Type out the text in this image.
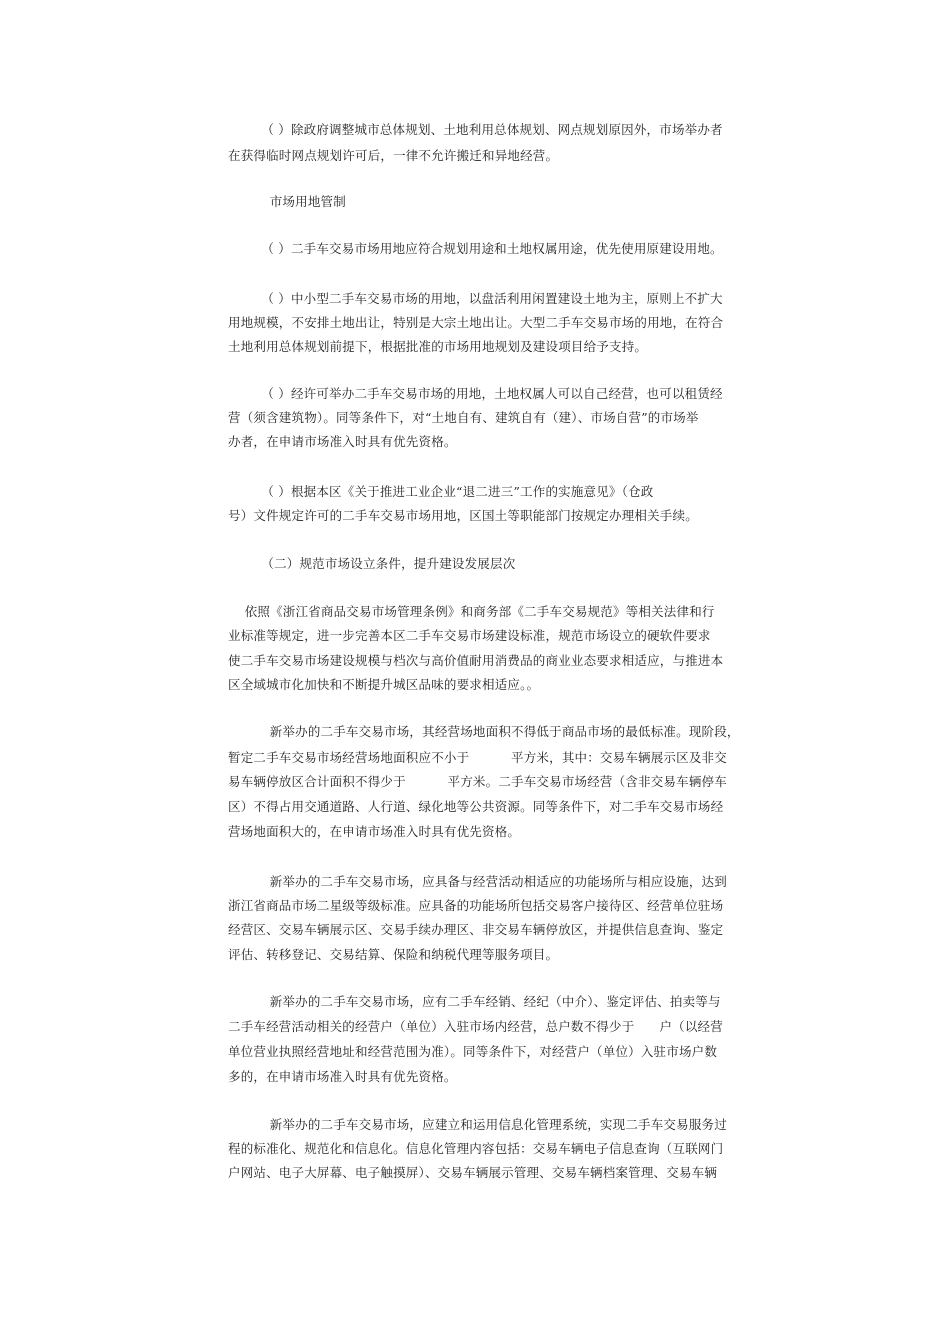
（ ）除政府调整城市总体规划、土地利用总体规划、网点规划原因外，市场举办者
在获得临时网点规划许可后，一律不允许搬迁和异地经营。
市场用地管制
（ ）二手车交易市场用地应符合规划用途和土地权属用途，优先使用原建设用地。
（ ）中小型二手车交易市场的用地，以盘活利用闲置建设土地为主，原则上不扩大
用地规模，不安排土地出让，特别是大宗土地出让。大型二手车交易市场的用地，在符合
土地利用总体规划前提下，根据批准的市场用地规划及建设项目给予支持。
（ ）经许可举办二手车交易市场的用地，土地权属人可以自己经营，也可以租赁经
营（须含建筑物）。同等条件下，对“土地自有、建筑自有（建）、市场自营”的市场举
办者，在申请市场准入时具有优先资格。
（ ）根据本区《关于推进工业企业“退二进三”工作的实施意见》（仓政
号）文件规定许可的二手车交易市场用地，区国土等职能部门按规定办理相关手续。
（二）规范市场设立条件，提升建设发展层次
依照《浙江省商品交易市场管理条例》和商务部《二手车交易规范》等相关法律和行
业标准等规定，进一步完善本区二手车交易市场建设标准，规范市场设立的硬软件要求
使二手车交易市场建设规模与档次与高价值耐用消费品的商业业态要求相适应，与推进本
区全域城市化加快和不断提升城区品味的要求相适应。。
新举办的二手车交易市场，其经营场地面积不得低于商品市场的最低标准。现阶段，
暂定二手车交易市场经营场地面积应不小于          平方米，其中：交易车辆展示区及非交
易车辆停放区合计面积不得少于          平方米。二手车交易市场经营（含非交易车辆停车
区）不得占用交通道路、人行道、绿化地等公共资源。同等条件下，对二手车交易市场经
营场地面积大的，在申请市场准入时具有优先资格。
新举办的二手车交易市场，应具备与经营活动相适应的功能场所与相应设施，达到
浙江省商品市场二星级等级标准。应具备的功能场所包括交易客户接待区、经营单位驻场
经营区、交易车辆展示区、交易手续办理区、非交易车辆停放区，并提供信息查询、鉴定
评估、转移登记、交易结算、保险和纳税代理等服务项目。
新举办的二手车交易市场，应有二手车经销、经纪（中介）、鉴定评估、拍卖等与
二手车经营活动相关的经营户（单位）入驻市场内经营，总户数不得少于      户（以经营
单位营业执照经营地址和经营范围为准）。同等条件下，对经营户（单位）入驻市场户数
多的，在申请市场准入时具有优先资格。
新举办的二手车交易市场，应建立和运用信息化管理系统，实现二手车交易服务过
程的标准化、规范化和信息化。信息化管理内容包括：交易车辆电子信息查询（互联网门
户网站、电子大屏幕、电子触摸屏）、交易车辆展示管理、交易车辆档案管理、交易车辆
